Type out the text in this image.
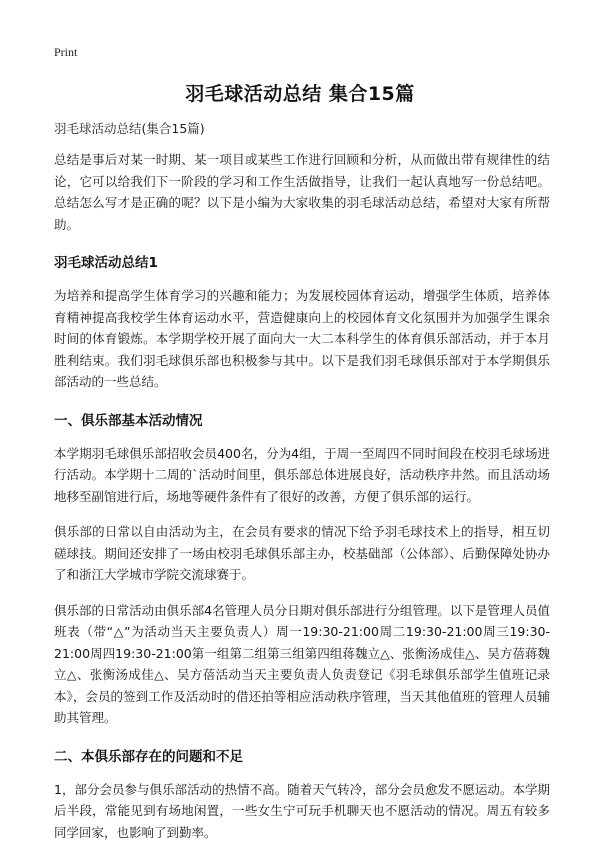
Print
羽毛球活动总结 集合15篇
羽毛球活动总结(集合15篇)

总结是事后对某一时期、某一项目或某些工作进行回顾和分析，从而做出带有规律性的结论，它可以给我们下一阶段的学习和工作生活做指导，让我们一起认真地写一份总结吧。总结怎么写才是正确的呢？以下是小编为大家收集的羽毛球活动总结，希望对大家有所帮助。

羽毛球活动总结1

为培养和提高学生体育学习的兴趣和能力；为发展校园体育运动，增强学生体质，培养体育精神提高我校学生体育运动水平，营造健康向上的校园体育文化氛围并为加强学生课余时间的体育锻炼。本学期学校开展了面向大一大二本科学生的体育俱乐部活动，并于本月胜利结束。我们羽毛球俱乐部也积极参与其中。以下是我们羽毛球俱乐部对于本学期俱乐部活动的一些总结。

一、俱乐部基本活动情况

本学期羽毛球俱乐部招收会员400名，分为4组，于周一至周四不同时间段在校羽毛球场进行活动。本学期十二周的`活动时间里，俱乐部总体进展良好，活动秩序井然。而且活动场地移至副馆进行后，场地等硬件条件有了很好的改善，方便了俱乐部的运行。

俱乐部的日常以自由活动为主，在会员有要求的情况下给予羽毛球技术上的指导，相互切磋球技。期间还安排了一场由校羽毛球俱乐部主办，校基础部（公体部）、后勤保障处协办了和浙江大学城市学院交流球赛于。

俱乐部的日常活动由俱乐部4名管理人员分日期对俱乐部进行分组管理。以下是管理人员值班表（带“△”为活动当天主要负责人）周一19:30-21:00周二19:30-21:00周三19:30-21:00周四19:30-21:00第一组第二组第三组第四组蒋魏立△、张衡汤成佳△、吴方蓓蒋魏立△、张衡汤成佳△、吴方蓓活动当天主要负责人负责登记《羽毛球俱乐部学生值班记录本》，会员的签到工作及活动时的借还拍等相应活动秩序管理，当天其他值班的管理人员辅助其管理。

二、本俱乐部存在的问题和不足

1，部分会员参与俱乐部活动的热情不高。随着天气转冷，部分会员愈发不愿运动。本学期后半段，常能见到有场地闲置，一些女生宁可玩手机聊天也不愿活动的情况。周五有较多同学回家，也影响了到勤率。
